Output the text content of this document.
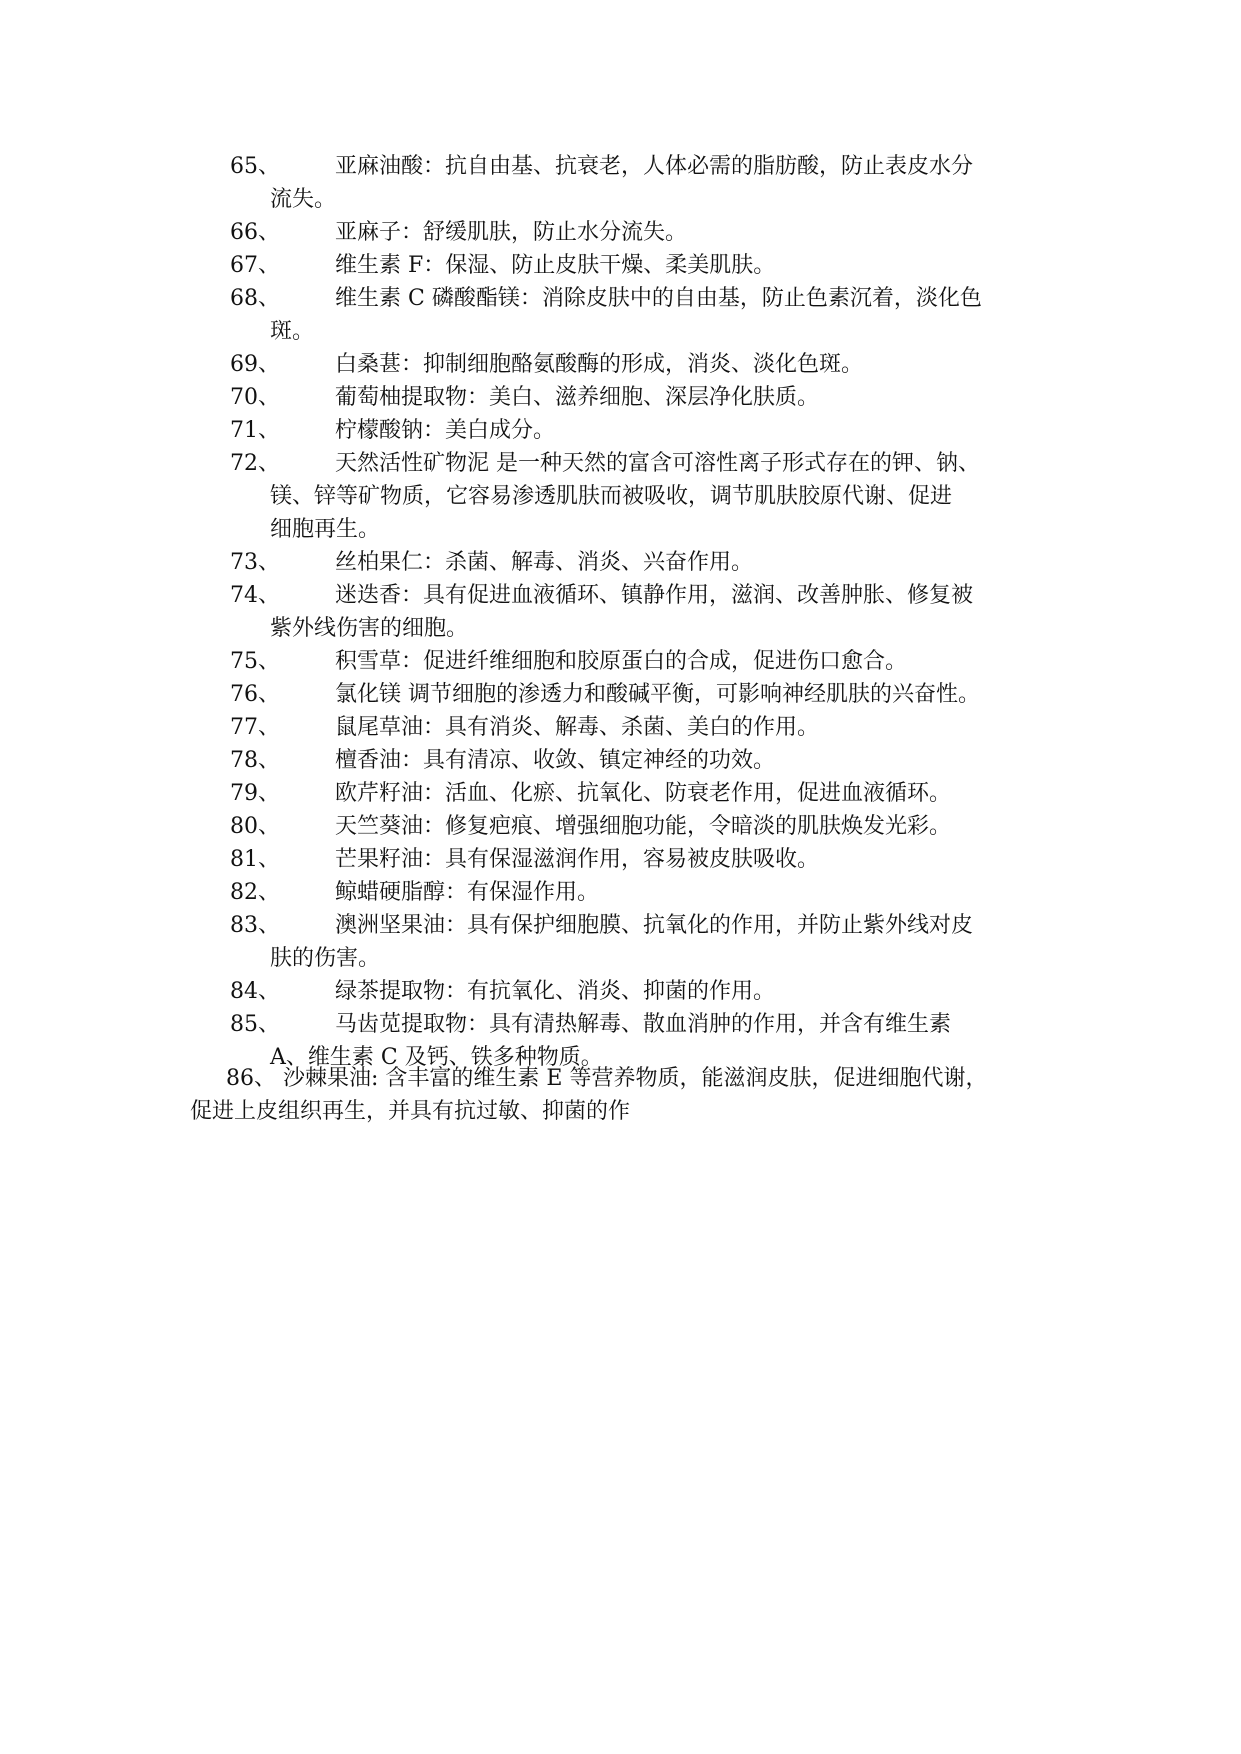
65、	亚麻油酸：抗自由基、抗衰老，人体必需的脂肪酸，防止表皮水分
流失。
66、	亚麻子：舒缓肌肤，防止水分流失。
67、	维生素 F：保湿、防止皮肤干燥、柔美肌肤。
68、	维生素 C 磷酸酯镁：消除皮肤中的自由基，防止色素沉着，淡化色
斑。
69、	白桑葚：抑制细胞酪氨酸酶的形成，消炎、淡化色斑。
70、	葡萄柚提取物：美白、滋养细胞、深层净化肤质。
71、	柠檬酸钠：美白成分。
72、	天然活性矿物泥 是一种天然的富含可溶性离子形式存在的钾、钠、
镁、锌等矿物质，它容易渗透肌肤而被吸收，调节肌肤胶原代谢、促进
细胞再生。
73、	丝柏果仁：杀菌、解毒、消炎、兴奋作用。
74、	迷迭香：具有促进血液循环、镇静作用，滋润、改善肿胀、修复被
紫外线伤害的细胞。
75、	积雪草：促进纤维细胞和胶原蛋白的合成，促进伤口愈合。
76、	氯化镁 调节细胞的渗透力和酸碱平衡，可影响神经肌肤的兴奋性。
77、	鼠尾草油：具有消炎、解毒、杀菌、美白的作用。
78、	檀香油：具有清凉、收敛、镇定神经的功效。
79、	欧芹籽油：活血、化瘀、抗氧化、防衰老作用，促进血液循环。
80、	天竺葵油：修复疤痕、增强细胞功能，令暗淡的肌肤焕发光彩。
81、	芒果籽油：具有保湿滋润作用，容易被皮肤吸收。
82、	鲸蜡硬脂醇：有保湿作用。
83、	澳洲坚果油：具有保护细胞膜、抗氧化的作用，并防止紫外线对皮
肤的伤害。
84、	绿茶提取物：有抗氧化、消炎、抑菌的作用。
85、	马齿苋提取物：具有清热解毒、散血消肿的作用，并含有维生素
A、维生素 C 及钙、铁多种物质。
86、 沙棘果油: 含丰富的维生素 E 等营养物质，能滋润皮肤，促进细胞代谢，
促进上皮组织再生，并具有抗过敏、抑菌的作
